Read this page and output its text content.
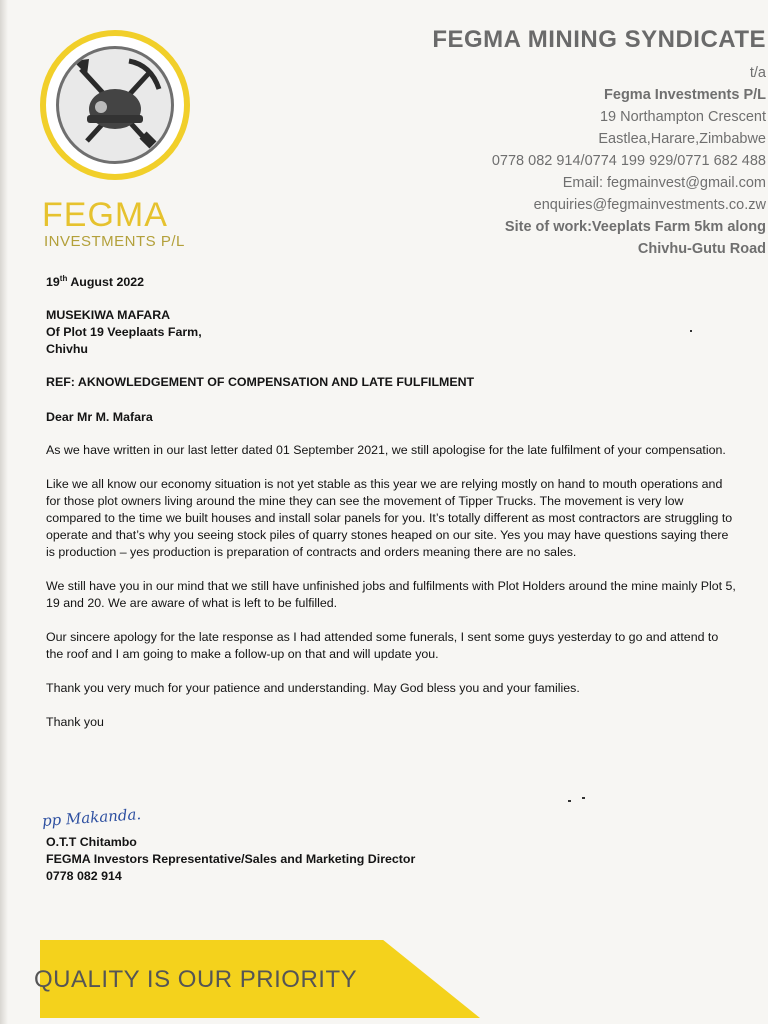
FEGMA
INVESTMENTS P/L
FEGMA MINING SYNDICATE
t/a
Fegma Investments P/L
19 Northampton Crescent
Eastlea,Harare,Zimbabwe
0778 082 914/0774 199 929/0771 682 488
Email: fegmainvest@gmail.com
enquiries@fegmainvestments.co.zw
Site of work:Veeplats Farm 5km along
Chivhu-Gutu Road

19th August 2022

MUSEKIWA MAFARA
Of Plot 19 Veeplaats Farm,
Chivhu

REF: AKNOWLEDGEMENT OF COMPENSATION AND LATE FULFILMENT

Dear Mr M. Mafara

As we have written in our last letter dated 01 September 2021, we still apologise for the late fulfilment of your compensation.

Like we all know our economy situation is not yet stable as this year we are relying mostly on hand to mouth operations and for those plot owners living around the mine they can see the movement of Tipper Trucks. The movement is very low compared to the time we built houses and install solar panels for you. It’s totally different as most contractors are struggling to operate and that’s why you seeing stock piles of quarry stones heaped on our site. Yes you may have questions saying there is production – yes production is preparation of contracts and orders meaning there are no sales.

We still have you in our mind that we still have unfinished jobs and fulfilments with Plot Holders around the mine mainly Plot 5, 19 and 20. We are aware of what is left to be fulfilled.

Our sincere apology for the late response as I had attended some funerals, I sent some guys yesterday to go and attend to the roof and I am going to make a follow-up on that and will update you.

Thank you very much for your patience and understanding. May God bless you and your families.

Thank you

pp Makanda.
O.T.T Chitambo
FEGMA Investors Representative/Sales and Marketing Director
0778 082 914
QUALITY IS OUR PRIORITY
